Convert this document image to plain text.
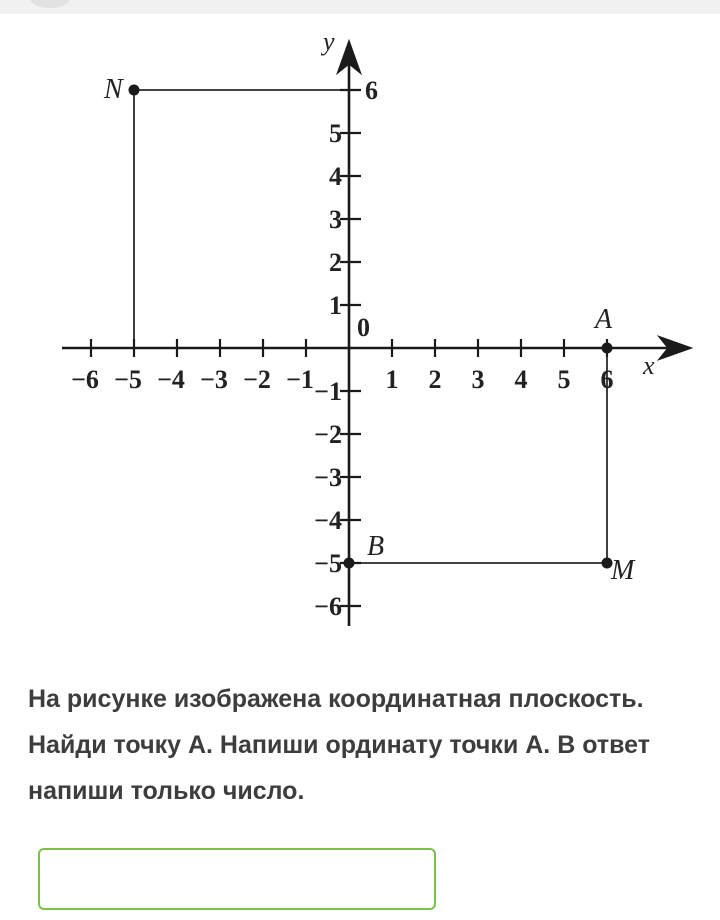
x
y
0
−6 −5 −4 −3 −2 −1	1 2 3 4 5 6
−6
−5
−4
−3
−2
−1
1
2
3
4
5
6
N
A
B
M

На рисунке изображена координатная плоскость. Найди точку А. Напиши ординату точки А. В ответ напиши только число.
